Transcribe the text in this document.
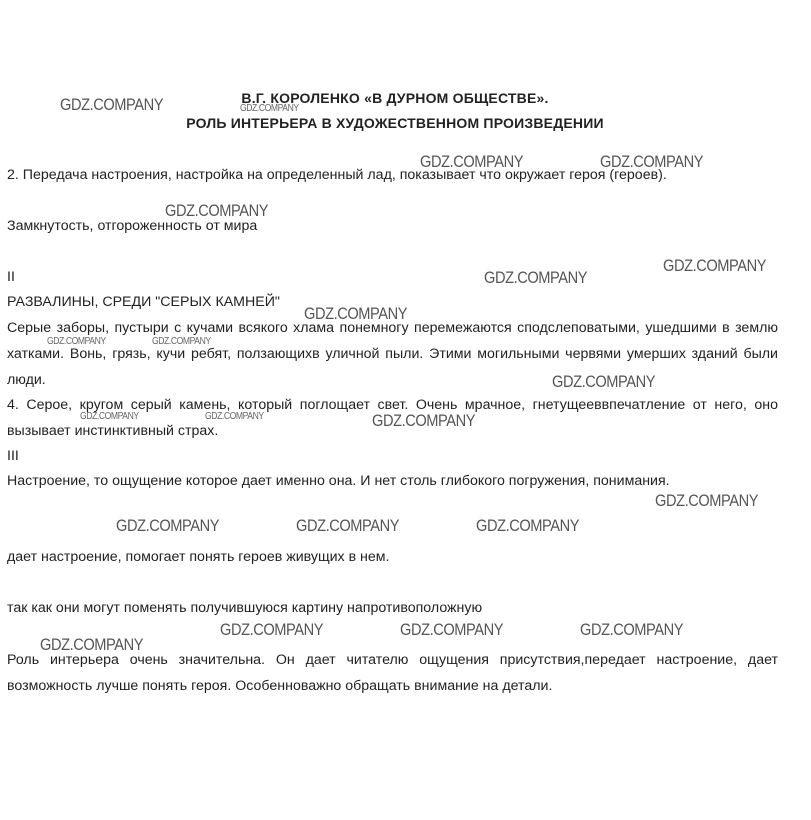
В.Г. КОРОЛЕНКО «В ДУРНОМ ОБЩЕСТВЕ».
РОЛЬ ИНТЕРЬЕРА В ХУДОЖЕСТВЕННОМ ПРОИЗВЕДЕНИИ
2. Передача настроения, настройка на определенный лад, показывает что окружает героя (героев).
Замкнутость, отгороженность от мира
II
РАЗВАЛИНЫ, СРЕДИ "СЕРЫХ КАМНЕЙ"
Серые заборы, пустыри с кучами всякого хлама понемногу перемежаются сподслеповатыми, ушедшими в землю хатками. Вонь, грязь, кучи ребят, ползающихв уличной пыли. Этими могильными червями умерших зданий были люди.
4. Серое, кругом серый камень, который поглощает свет. Очень мрачное, гнетущееввпечатление от него, оно вызывает инстинктивный страх.
III
Настроение, то ощущение которое дает именно она. И нет столь глибокого погружения, понимания.
дает настроение, помогает понять героев живущих в нем.
так как они могут поменять получившуюся картину напротивоположную
Роль интерьера очень значительна. Он дает читателю ощущения присутствия,передает настроение, дает возможность лучше понять героя. Особенноважно обращать внимание на детали.
GDZ.COMPANY	GDZ.COMPANY
GDZ.COMPANY	GDZ.COMPANY
GDZ.COMPANY
GDZ.COMPANY
GDZ.COMPANY
GDZ.COMPANY
GDZ.COMPANY
GDZ.COMPANY	GDZ.COMPANY
GDZ.COMPANY	GDZ.COMPANY	GDZ.COMPANY
GDZ.COMPANY
GDZ.COMPANY	GDZ.COMPANY	GDZ.COMPANY
GDZ.COMPANY	GDZ.COMPANY	GDZ.COMPANY
GDZ.COMPANY
